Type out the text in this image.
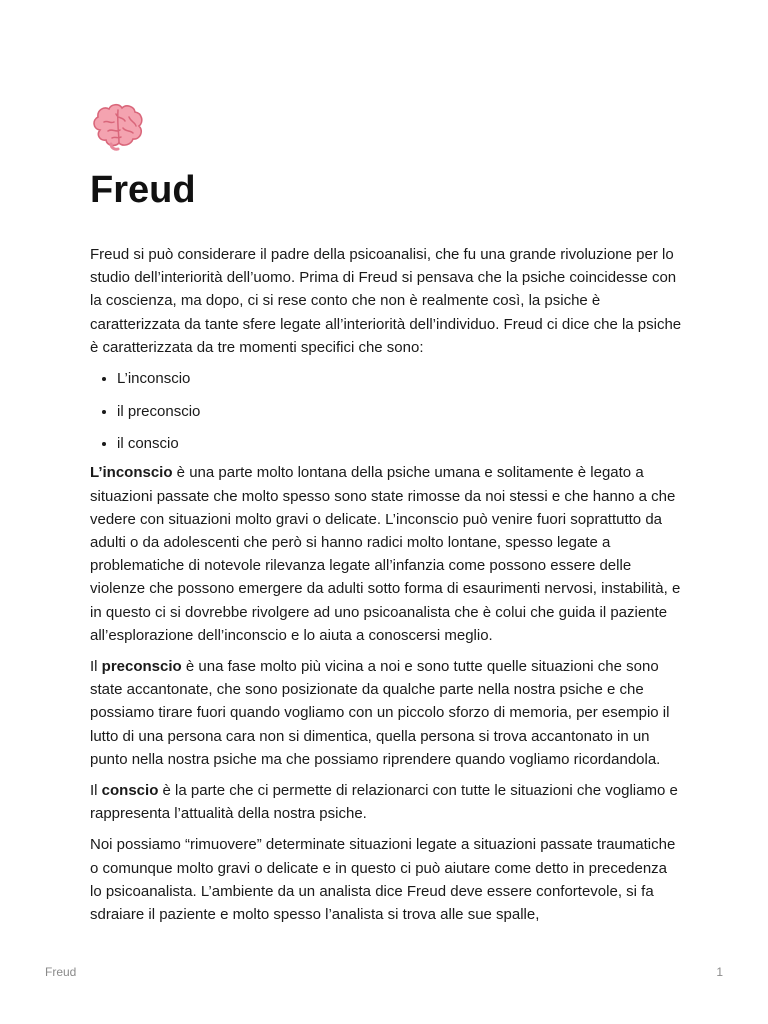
Freud

Freud si può considerare il padre della psicoanalisi, che fu una grande rivoluzione per lo studio dell’interiorità dell’uomo. Prima di Freud si pensava che la psiche coincidesse con la coscienza, ma dopo, ci si rese conto che non è realmente così, la psiche è caratterizzata da tante sfere legate all’interiorità dell’individuo. Freud ci dice che la psiche è caratterizzata da tre momenti specifici che sono:

• L’inconscio
• il preconscio
• il conscio

L’inconscio è una parte molto lontana della psiche umana e solitamente è legato a situazioni passate che molto spesso sono state rimosse da noi stessi e che hanno a che vedere con situazioni molto gravi o delicate. L’inconscio può venire fuori soprattutto da adulti o da adolescenti che però si hanno radici molto lontane, spesso legate a problematiche di notevole rilevanza legate all’infanzia come possono essere delle violenze che possono emergere da adulti sotto forma di esaurimenti nervosi, instabilità, e in questo ci si dovrebbe rivolgere ad uno psicoanalista che è colui che guida il paziente all’esplorazione dell’inconscio e lo aiuta a conoscersi meglio.

Il preconscio è una fase molto più vicina a noi e sono tutte quelle situazioni che sono state accantonate, che sono posizionate da qualche parte nella nostra psiche e che possiamo tirare fuori quando vogliamo con un piccolo sforzo di memoria, per esempio il lutto di una persona cara non si dimentica, quella persona si trova accantonato in un punto nella nostra psiche ma che possiamo riprendere quando vogliamo ricordandola.

Il conscio è la parte che ci permette di relazionarci con tutte le situazioni che vogliamo e rappresenta l’attualità della nostra psiche.

Noi possiamo “rimuovere” determinate situazioni legate a situazioni passate traumatiche o comunque molto gravi o delicate e in questo ci può aiutare come detto in precedenza lo psicoanalista. L’ambiente da un analista dice Freud deve essere confortevole, si fa sdraiare il paziente e molto spesso l’analista si trova alle sue spalle,

Freud	1
